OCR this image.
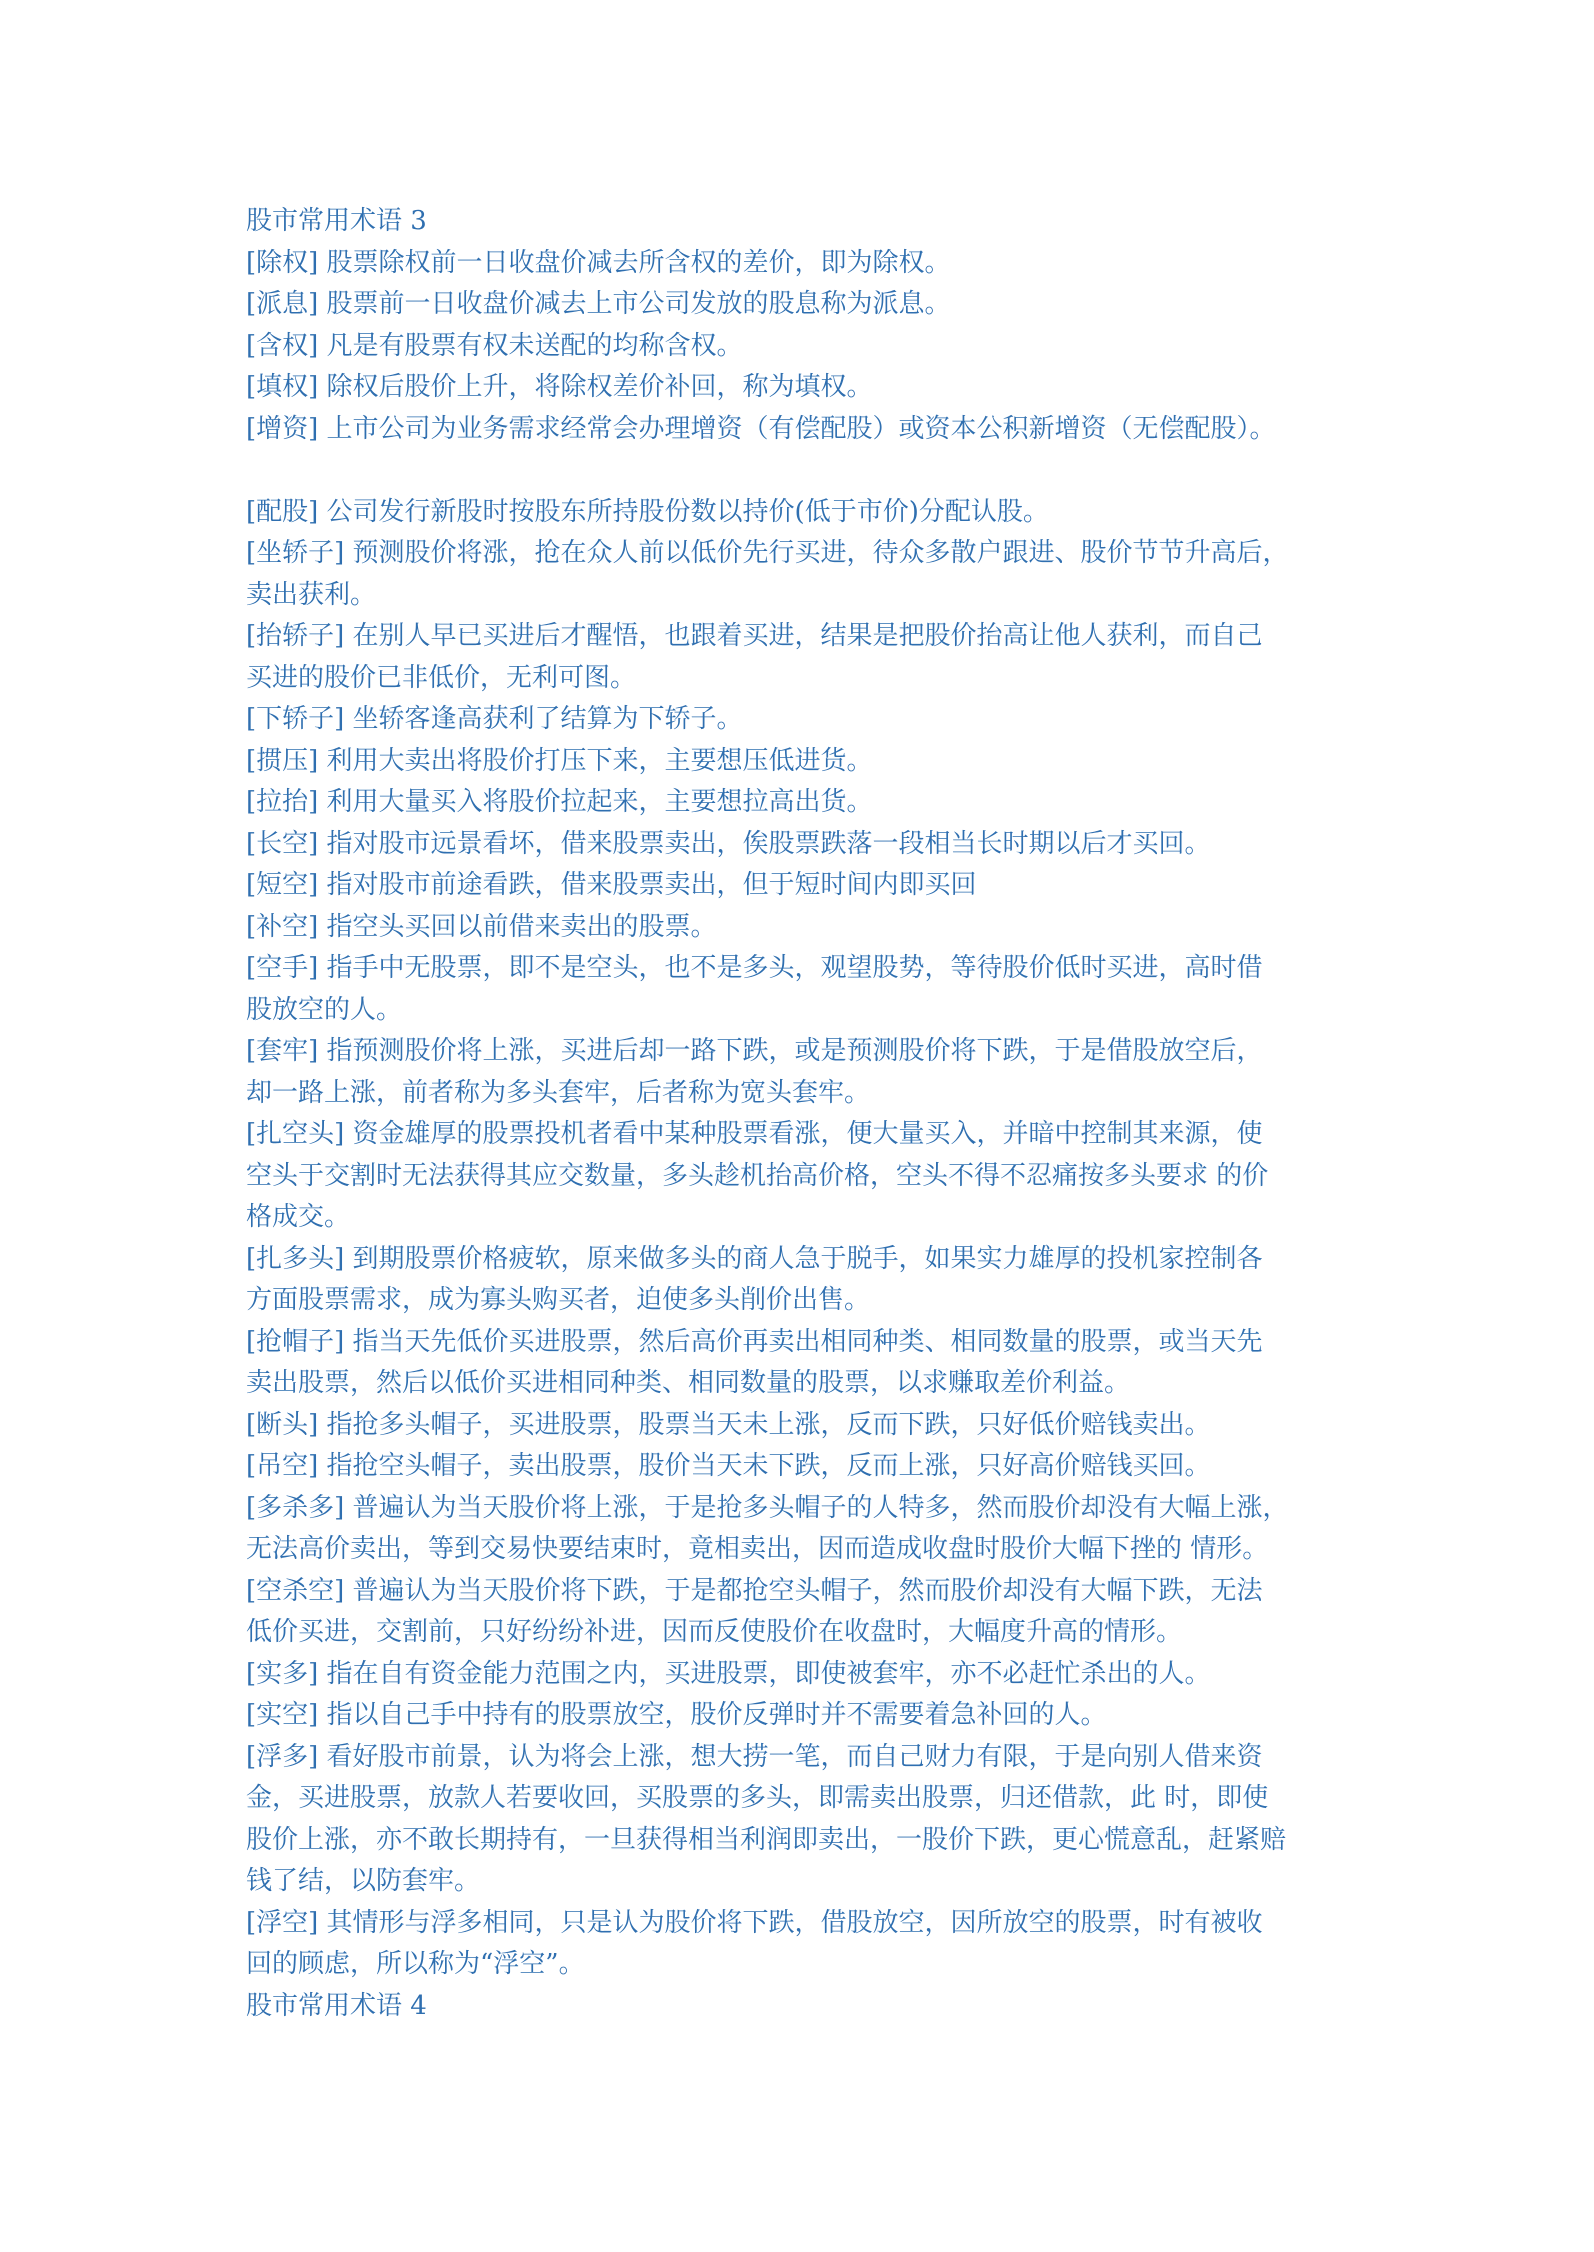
股市常用术语 3
[除权] 股票除权前一日收盘价减去所含权的差价，即为除权。
[派息] 股票前一日收盘价减去上市公司发放的股息称为派息。
[含权] 凡是有股票有权未送配的均称含权。
[填权] 除权后股价上升，将除权差价补回，称为填权。
[增资] 上市公司为业务需求经常会办理增资（有偿配股）或资本公积新增资（无偿配股）。
[配股] 公司发行新股时按股东所持股份数以持价(低于市价)分配认股。
[坐轿子] 预测股价将涨，抢在众人前以低价先行买进，待众多散户跟进、股价节节升高后，
卖出获利。
[抬轿子] 在别人早已买进后才醒悟，也跟着买进，结果是把股价抬高让他人获利，而自己
买进的股价已非低价，无利可图。
[下轿子] 坐轿客逢高获利了结算为下轿子。
[掼压] 利用大卖出将股价打压下来，主要想压低进货。
[拉抬] 利用大量买入将股价拉起来，主要想拉高出货。
[长空] 指对股市远景看坏，借来股票卖出，俟股票跌落一段相当长时期以后才买回。
[短空] 指对股市前途看跌，借来股票卖出，但于短时间内即买回
[补空] 指空头买回以前借来卖出的股票。
[空手] 指手中无股票，即不是空头，也不是多头，观望股势，等待股价低时买进，高时借
股放空的人。
[套牢] 指预测股价将上涨，买进后却一路下跌，或是预测股价将下跌，于是借股放空后，
却一路上涨，前者称为多头套牢，后者称为宽头套牢。
[扎空头] 资金雄厚的股票投机者看中某种股票看涨，便大量买入，并暗中控制其来源，使
空头于交割时无法获得其应交数量，多头趁机抬高价格，空头不得不忍痛按多头要求 的价
格成交。
[扎多头] 到期股票价格疲软，原来做多头的商人急于脱手，如果实力雄厚的投机家控制各
方面股票需求，成为寡头购买者，迫使多头削价出售。
[抢帽子] 指当天先低价买进股票，然后高价再卖出相同种类、相同数量的股票，或当天先
卖出股票，然后以低价买进相同种类、相同数量的股票，以求赚取差价利益。
[断头] 指抢多头帽子，买进股票，股票当天未上涨，反而下跌，只好低价赔钱卖出。
[吊空] 指抢空头帽子，卖出股票，股价当天未下跌，反而上涨，只好高价赔钱买回。
[多杀多] 普遍认为当天股价将上涨，于是抢多头帽子的人特多，然而股价却没有大幅上涨，
无法高价卖出，等到交易快要结束时，竟相卖出，因而造成收盘时股价大幅下挫的 情形。
[空杀空] 普遍认为当天股价将下跌，于是都抢空头帽子，然而股价却没有大幅下跌，无法
低价买进，交割前，只好纷纷补进，因而反使股价在收盘时，大幅度升高的情形。
[实多] 指在自有资金能力范围之内，买进股票，即使被套牢，亦不必赶忙杀出的人。
[实空] 指以自己手中持有的股票放空，股价反弹时并不需要着急补回的人。
[浮多] 看好股市前景，认为将会上涨，想大捞一笔，而自己财力有限，于是向别人借来资
金，买进股票，放款人若要收回，买股票的多头，即需卖出股票，归还借款，此 时，即使
股价上涨，亦不敢长期持有，一旦获得相当利润即卖出，一股价下跌，更心慌意乱，赶紧赔
钱了结，以防套牢。
[浮空] 其情形与浮多相同，只是认为股价将下跌，借股放空，因所放空的股票，时有被收
回的顾虑，所以称为“浮空”。
股市常用术语 4
